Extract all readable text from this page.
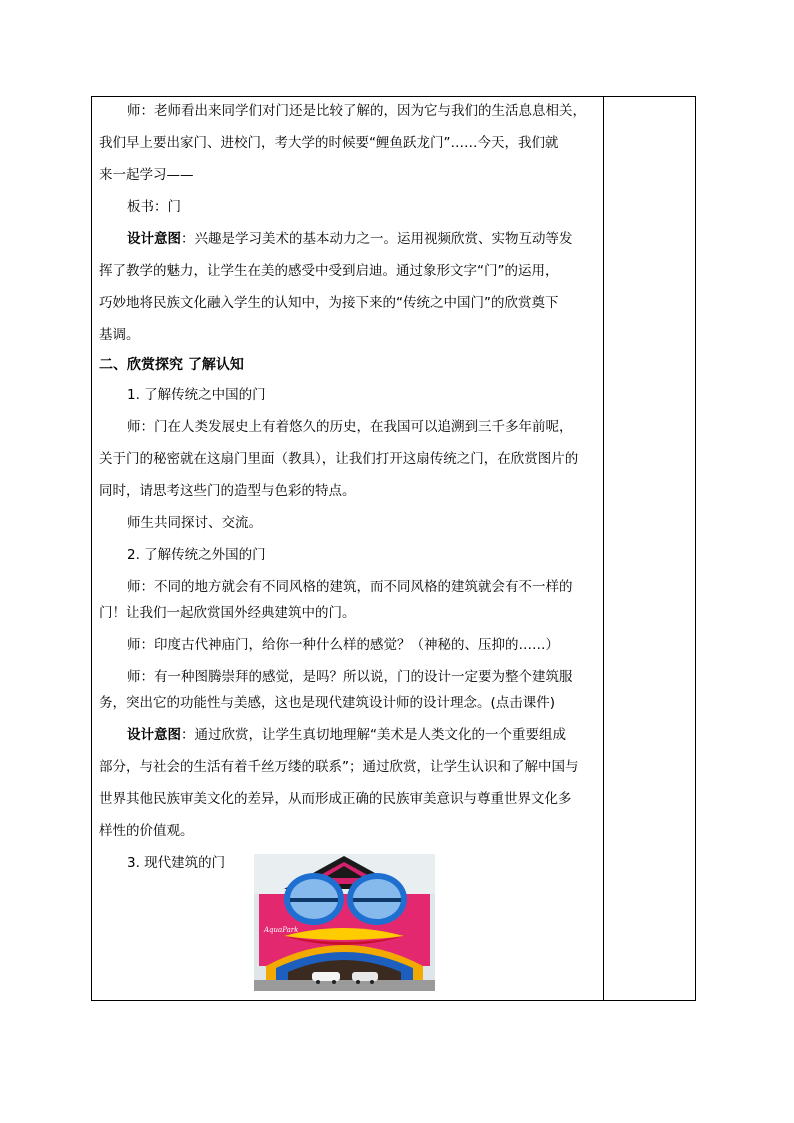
师：老师看出来同学们对门还是比较了解的，因为它与我们的生活息息相关，
我们早上要出家门、进校门，考大学的时候要“鲤鱼跃龙门”……今天，我们就
来一起学习——
板书：门
设计意图：兴趣是学习美术的基本动力之一。运用视频欣赏、实物互动等发
挥了教学的魅力，让学生在美的感受中受到启迪。通过象形文字“门”的运用，
巧妙地将民族文化融入学生的认知中，为接下来的“传统之中国门”的欣赏奠下
基调。
二、欣赏探究 了解认知
1. 了解传统之中国的门
师：门在人类发展史上有着悠久的历史，在我国可以追溯到三千多年前呢，
关于门的秘密就在这扇门里面（教具），让我们打开这扇传统之门，在欣赏图片的
同时，请思考这些门的造型与色彩的特点。
师生共同探讨、交流。
2. 了解传统之外国的门
师：不同的地方就会有不同风格的建筑，而不同风格的建筑就会有不一样的
门！让我们一起欣赏国外经典建筑中的门。
师：印度古代神庙门，给你一种什么样的感觉？（神秘的、压抑的……）
师：有一种图腾崇拜的感觉，是吗？所以说，门的设计一定要为整个建筑服
务，突出它的功能性与美感，这也是现代建筑设计师的设计理念。(点击课件)
设计意图：通过欣赏，让学生真切地理解“美术是人类文化的一个重要组成
部分，与社会的生活有着千丝万缕的联系”；通过欣赏，让学生认识和了解中国与
世界其他民族审美文化的差异，从而形成正确的民族审美意识与尊重世界文化多
样性的价值观。
3. 现代建筑的门
AquaPark
